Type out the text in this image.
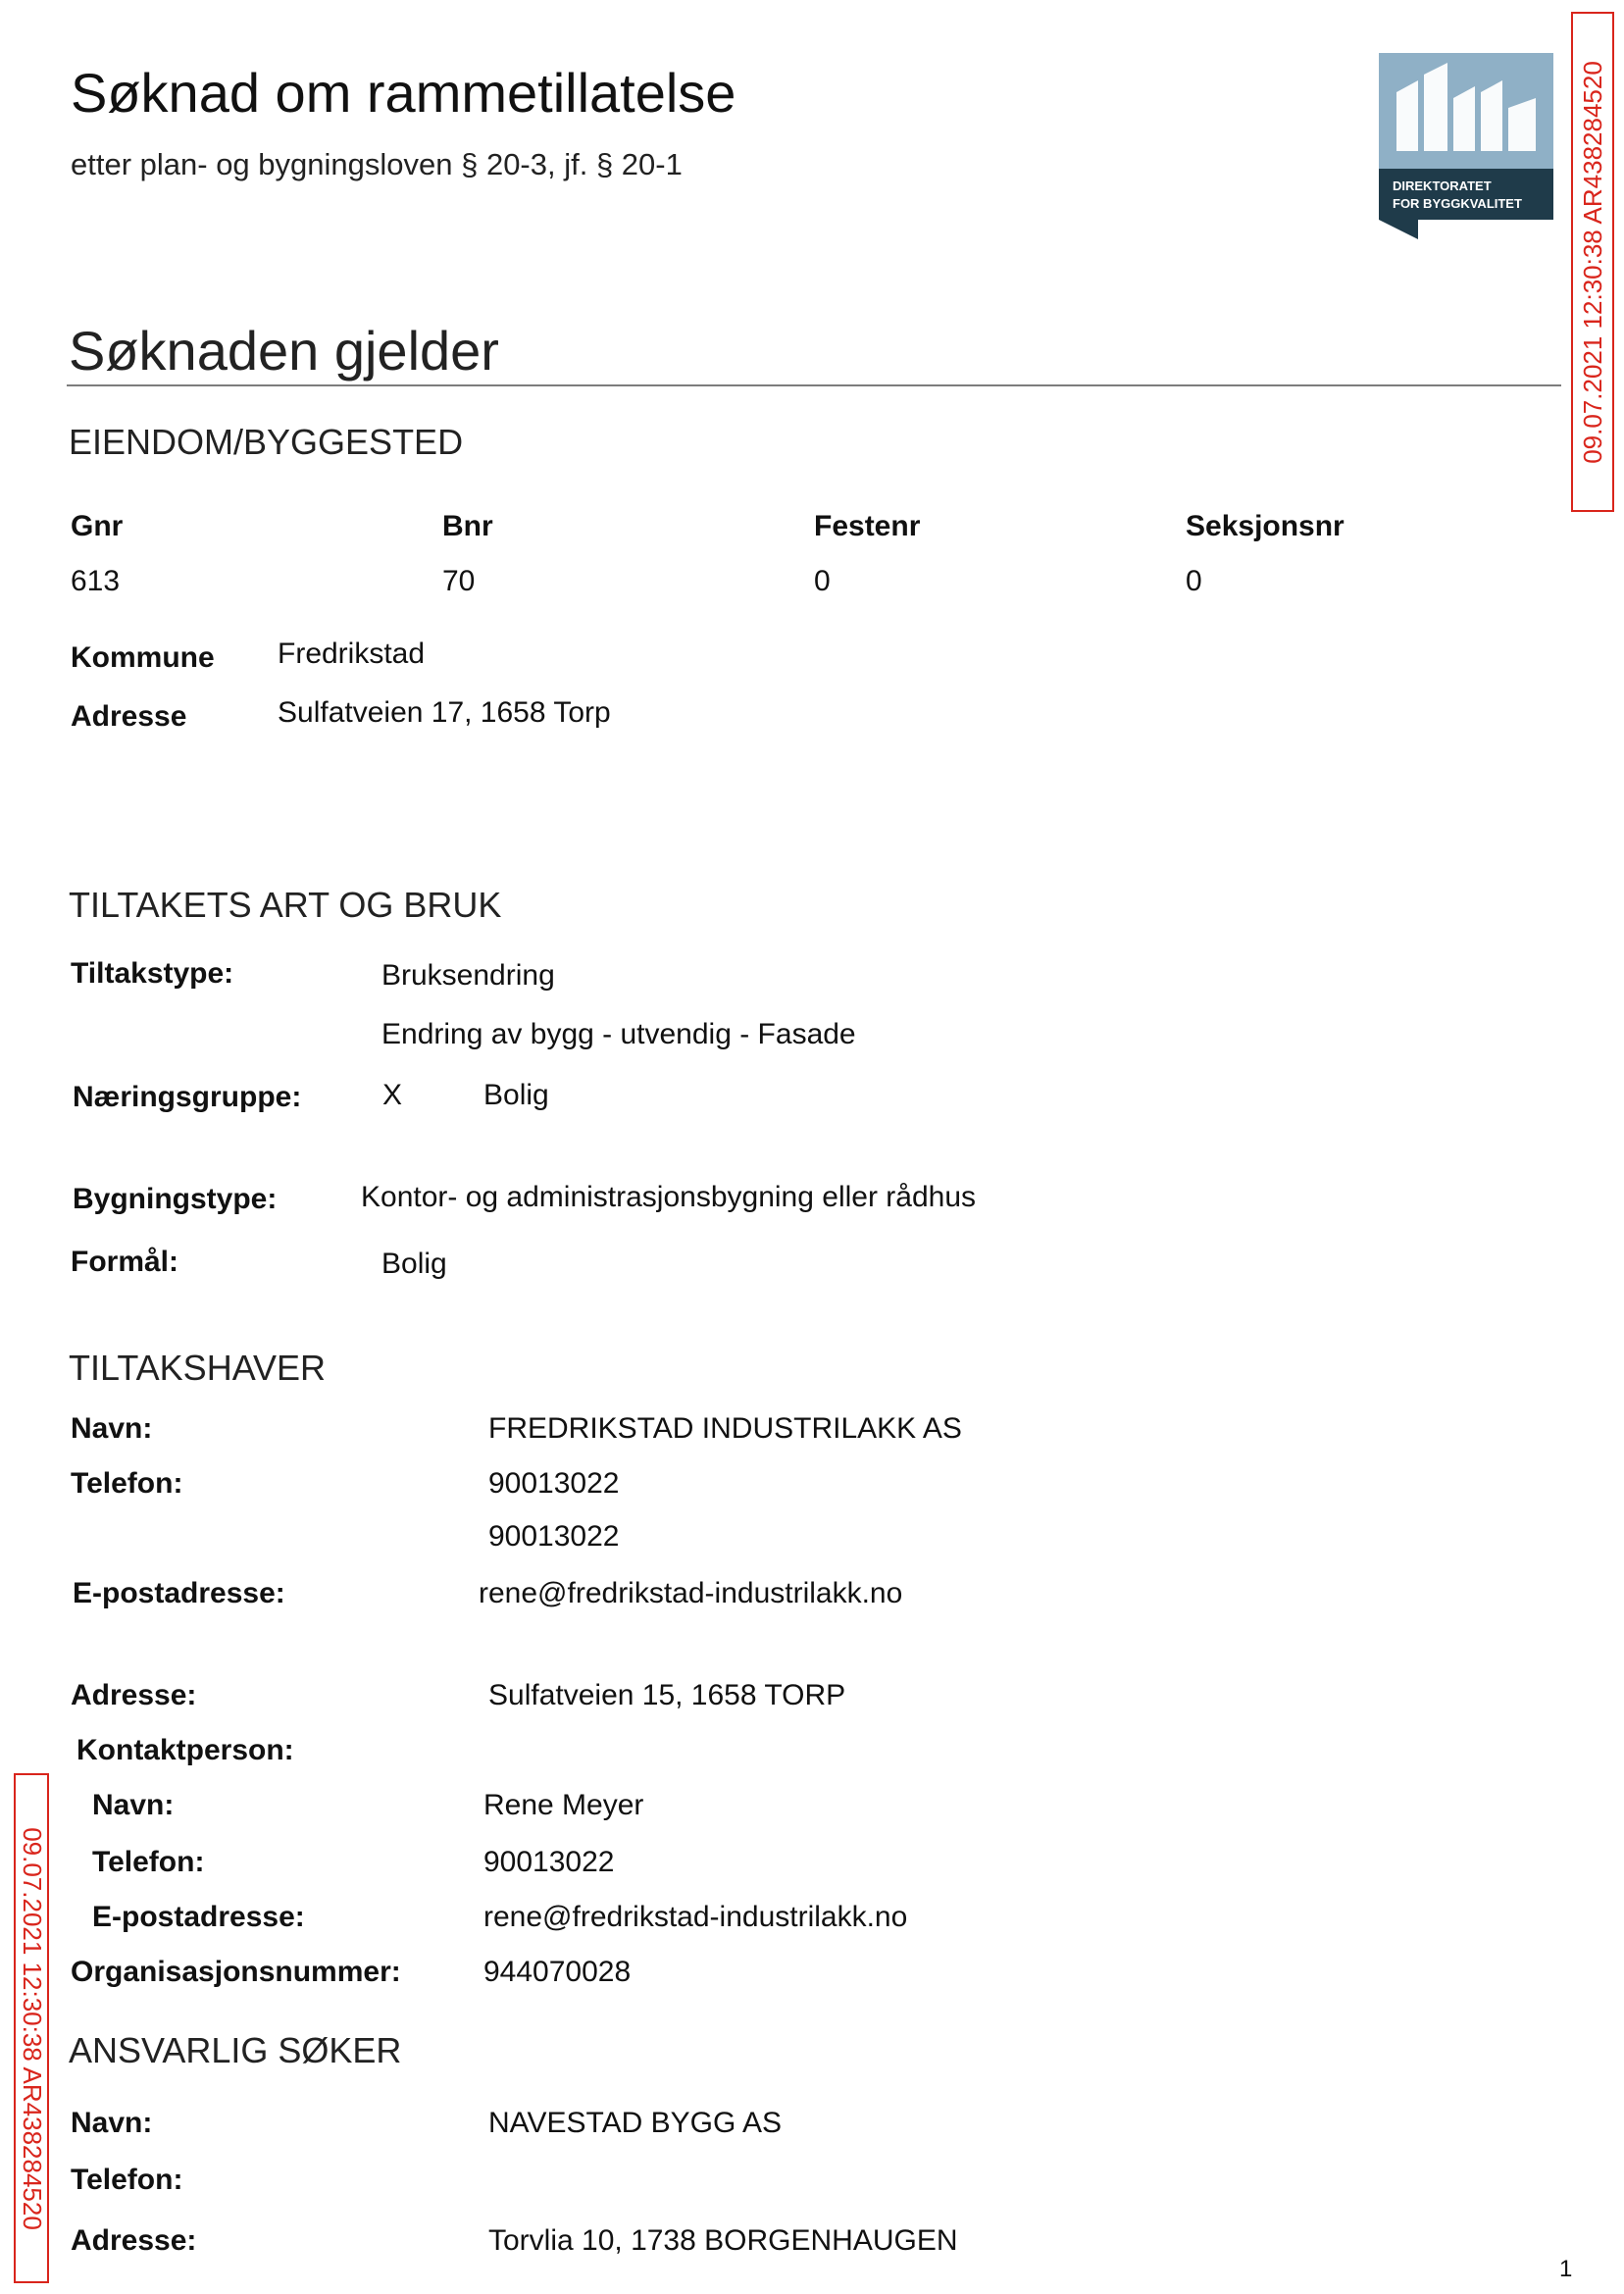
Søknad om rammetillatelse
etter plan- og bygningsloven § 20-3, jf. § 20-1
DIREKTORATET
FOR BYGGKVALITET 09.07.2021 12:30:38 AR438284520
09.07.2021 12:30:38 AR438284520
Søknaden gjelder
EIENDOM/BYGGESTED
Gnr	Bnr	Festenr	Seksjonsnr
613	70	0	0
Kommune Fredrikstad
Adresse	Sulfatveien 17, 1658 Torp
TILTAKETS ART OG BRUK
Tiltakstype:	Bruksendring
Endring av bygg - utvendig - Fasade
Næringsgruppe:	X	Bolig
Bygningstype:	Kontor- og administrasjonsbygning eller rådhus
Formål:	Bolig
TILTAKSHAVER
Navn:	FREDRIKSTAD INDUSTRILAKK AS
Telefon:	90013022
90013022
E-postadresse:	rene@fredrikstad-industrilakk.no
Adresse:	Sulfatveien 15, 1658 TORP
Kontaktperson:
Navn:	Rene Meyer
Telefon:	90013022
E-postadresse:	rene@fredrikstad-industrilakk.no
Organisasjonsnummer:	944070028
ANSVARLIG SØKER
Navn:	NAVESTAD BYGG AS
Telefon:
Adresse:	Torvlia 10, 1738 BORGENHAUGEN
1
